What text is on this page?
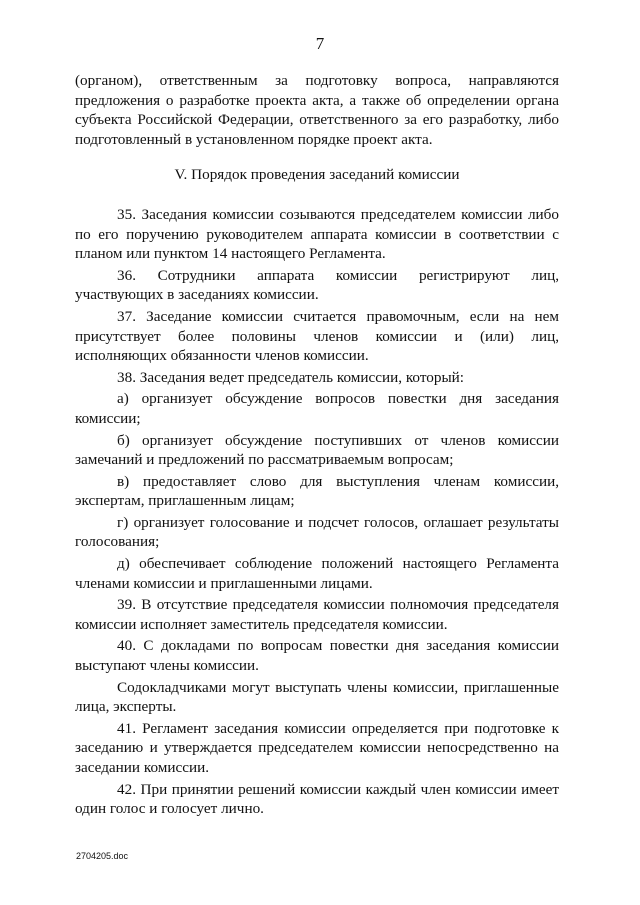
7

(органом), ответственным за подготовку вопроса, направляются предложения о разработке проекта акта, а также об определении органа субъекта Российской Федерации, ответственного за его разработку, либо подготовленный в установленном порядке проект акта.

V. Порядок проведения заседаний комиссии

35. Заседания комиссии созываются председателем комиссии либо по его поручению руководителем аппарата комиссии в соответствии с планом или пунктом 14 настоящего Регламента.

36. Сотрудники аппарата комиссии регистрируют лиц, участвующих в заседаниях комиссии.

37. Заседание комиссии считается правомочным, если на нем присутствует более половины членов комиссии и (или) лиц, исполняющих обязанности членов комиссии.

38. Заседания ведет председатель комиссии, который:

а) организует обсуждение вопросов повестки дня заседания комиссии;

б) организует обсуждение поступивших от членов комиссии замечаний и предложений по рассматриваемым вопросам;

в) предоставляет слово для выступления членам комиссии, экспертам, приглашенным лицам;

г) организует голосование и подсчет голосов, оглашает результаты голосования;

д) обеспечивает соблюдение положений настоящего Регламента членами комиссии и приглашенными лицами.

39. В отсутствие председателя комиссии полномочия председателя комиссии исполняет заместитель председателя комиссии.

40. С докладами по вопросам повестки дня заседания комиссии выступают члены комиссии.

Содокладчиками могут выступать члены комиссии, приглашенные лица, эксперты.

41. Регламент заседания комиссии определяется при подготовке к заседанию и утверждается председателем комиссии непосредственно на заседании комиссии.

42. При принятии решений комиссии каждый член комиссии имеет один голос и голосует лично.

2704205.doc
